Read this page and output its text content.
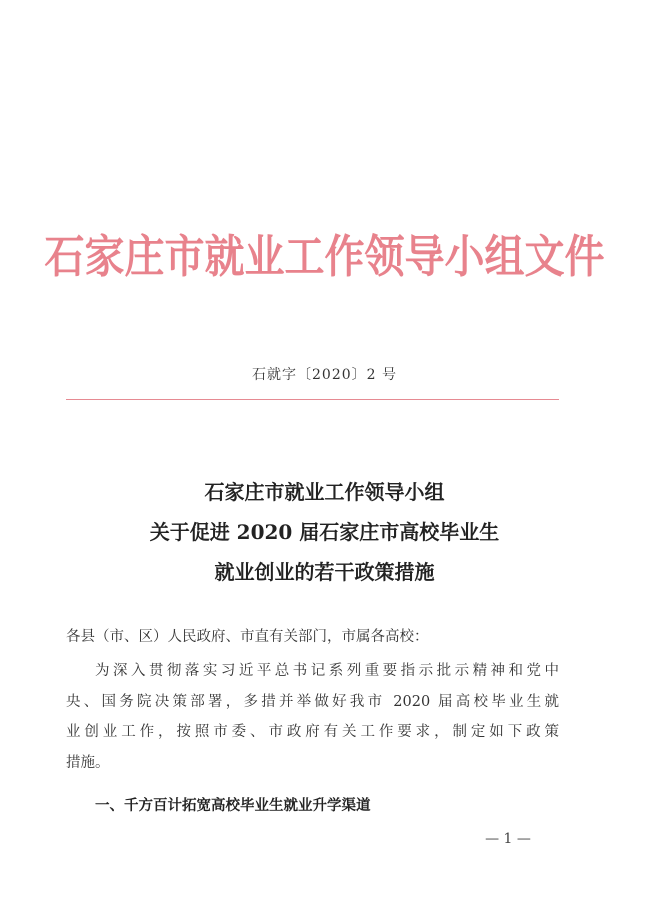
石家庄市就业工作领导小组文件
石就字〔2020〕2 号
石家庄市就业工作领导小组
关于促进 2020 届石家庄市高校毕业生
就业创业的若干政策措施
各县（市、区）人民政府、市直有关部门，市属各高校：
为深入贯彻落实习近平总书记系列重要指示批示精神和党中
央、国务院决策部署，多措并举做好我市 2020 届高校毕业生就
业创业工作，按照市委、市政府有关工作要求，制定如下政策
措施。
一、千方百计拓宽高校毕业生就业升学渠道
— 1 —
